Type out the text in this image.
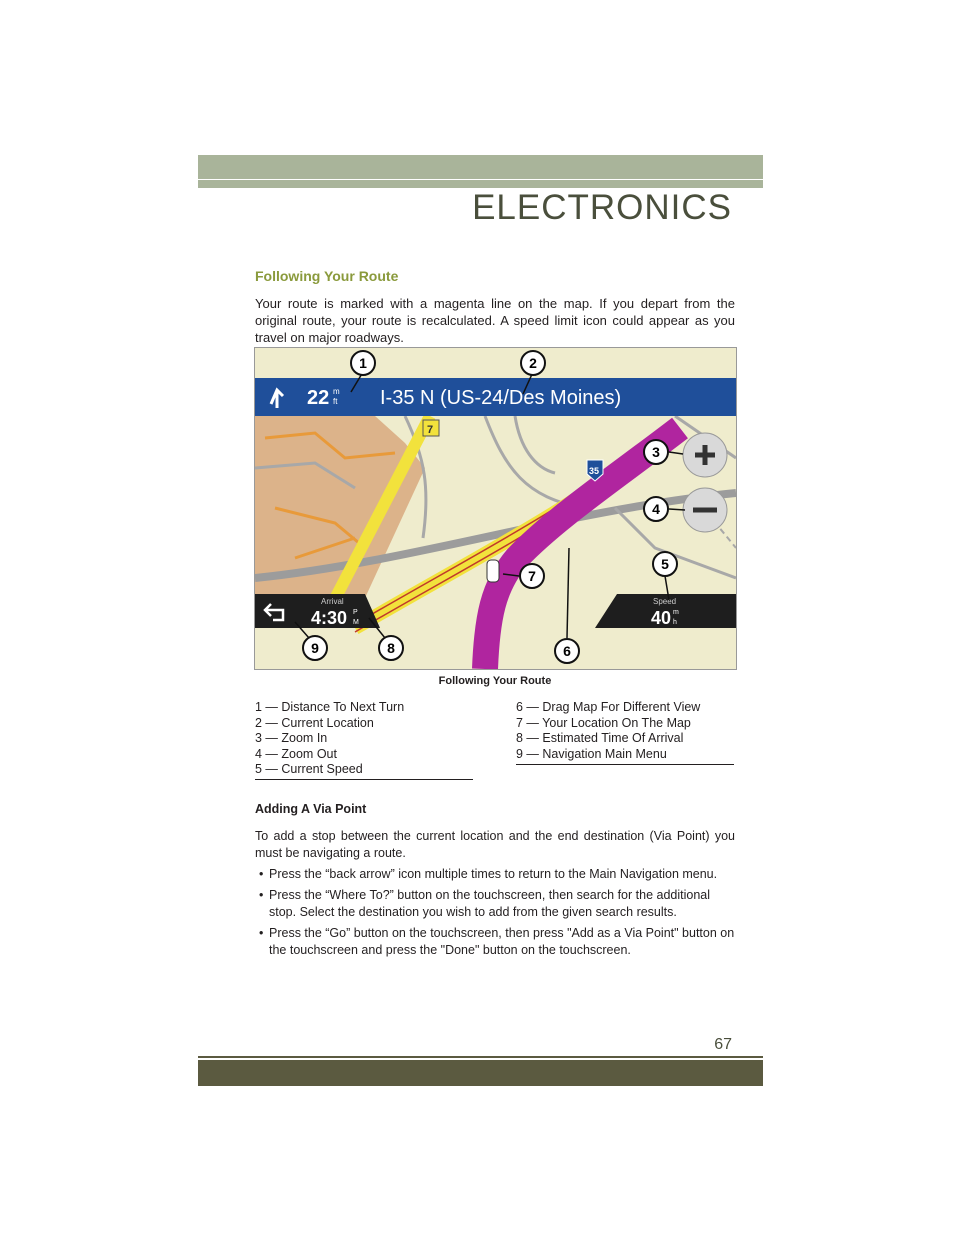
ELECTRONICS
Following Your Route
Your route is marked with a magenta line on the map. If you depart from the original route, your route is recalculated. A speed limit icon could appear as you travel on major roadways.
22 m
ft I-35 N (US-24/Des Moines)
7
35
Arrival
4:30 P
M
Speed
40 m
h
1	2
3
4
5
6
7
8
9
Following Your Route
1 — Distance To Next Turn
2 — Current Location
3 — Zoom In
4 — Zoom Out
5 — Current Speed
6 — Drag Map For Different View
7 — Your Location On The Map
8 — Estimated Time Of Arrival
9 — Navigation Main Menu
Adding A Via Point
To add a stop between the current location and the end destination (Via Point) you must be navigating a route.
• Press the “back arrow” icon multiple times to return to the Main Navigation menu.
• Press the “Where To?” button on the touchscreen, then search for the additional stop. Select the destination you wish to add from the given search results.
• Press the “Go” button on the touchscreen, then press "Add as a Via Point" button on the touchscreen and press the "Done" button on the touchscreen.
67
